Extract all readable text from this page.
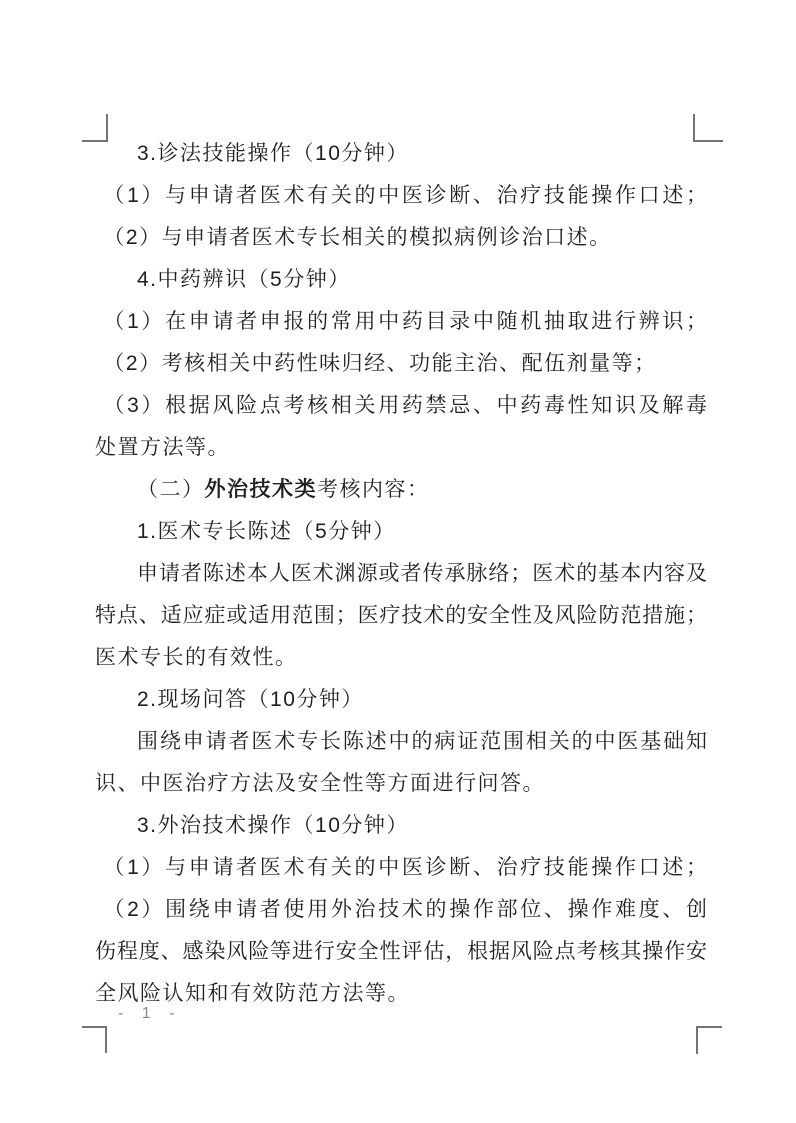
3.诊法技能操作（10分钟）
（1）与申请者医术有关的中医诊断、治疗技能操作口述；
（2）与申请者医术专长相关的模拟病例诊治口述。
4.中药辨识（5分钟）
（1）在申请者申报的常用中药目录中随机抽取进行辨识；
（2）考核相关中药性味归经、功能主治、配伍剂量等；
（3）根据风险点考核相关用药禁忌、中药毒性知识及解毒
处置方法等。
（二）外治技术类考核内容：
1.医术专长陈述（5分钟）
申请者陈述本人医术渊源或者传承脉络；医术的基本内容及
特点、适应症或适用范围；医疗技术的安全性及风险防范措施；
医术专长的有效性。
2.现场问答（10分钟）
围绕申请者医术专长陈述中的病证范围相关的中医基础知
识、中医治疗方法及安全性等方面进行问答。
3.外治技术操作（10分钟）
（1）与申请者医术有关的中医诊断、治疗技能操作口述；
（2）围绕申请者使用外治技术的操作部位、操作难度、创
伤程度、感染风险等进行安全性评估，根据风险点考核其操作安
全风险认知和有效防范方法等。
- 1 -
